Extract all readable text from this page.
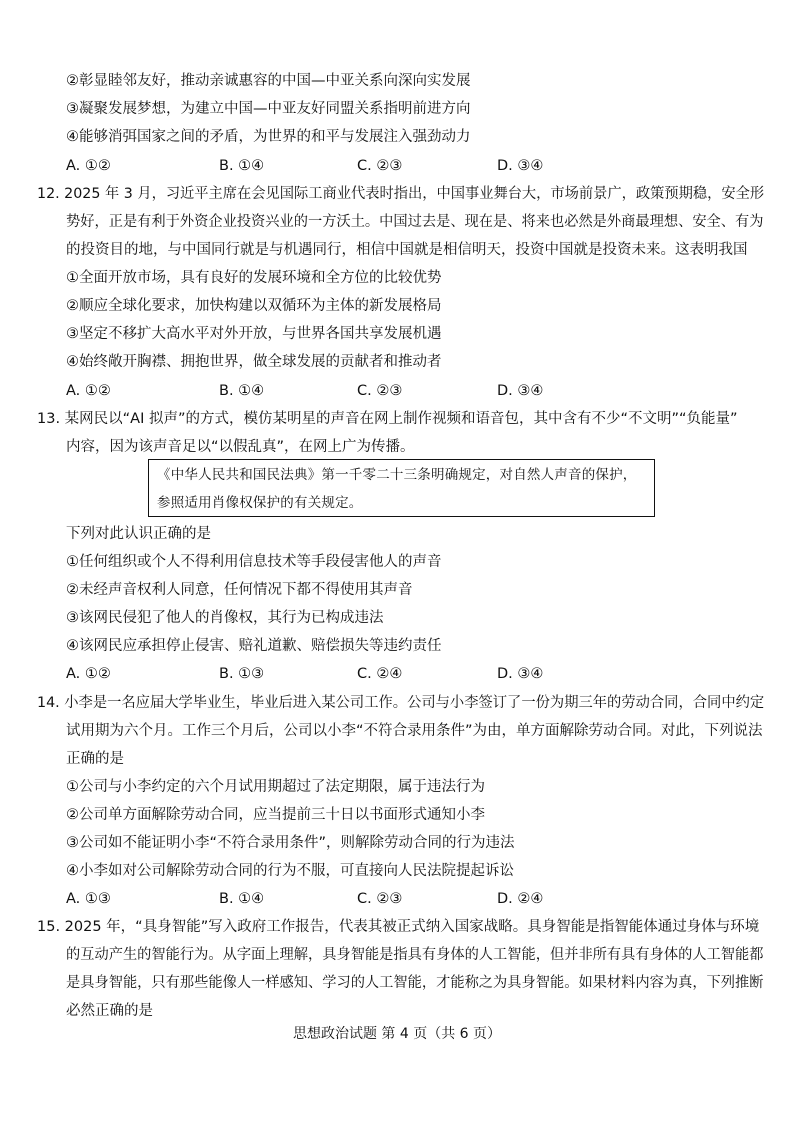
②彰显睦邻友好，推动亲诚惠容的中国—中亚关系向深向实发展
③凝聚发展梦想，为建立中国—中亚友好同盟关系指明前进方向
④能够消弭国家之间的矛盾，为世界的和平与发展注入强劲动力
A. ①②	B. ①④	C. ②③	D. ③④
12. 2025 年 3 月，习近平主席在会见国际工商业代表时指出，中国事业舞台大，市场前景广，政策预期稳，安全形
势好，正是有利于外资企业投资兴业的一方沃土。中国过去是、现在是、将来也必然是外商最理想、安全、有为
的投资目的地，与中国同行就是与机遇同行，相信中国就是相信明天，投资中国就是投资未来。这表明我国
①全面开放市场，具有良好的发展环境和全方位的比较优势
②顺应全球化要求，加快构建以双循环为主体的新发展格局
③坚定不移扩大高水平对外开放，与世界各国共享发展机遇
④始终敞开胸襟、拥抱世界，做全球发展的贡献者和推动者
A. ①②	B. ①④	C. ②③	D. ③④
13. 某网民以“AI 拟声”的方式，模仿某明星的声音在网上制作视频和语音包，其中含有不少“不文明”“负能量”
内容，因为该声音足以“以假乱真”，在网上广为传播。
《中华人民共和国民法典》第一千零二十三条明确规定，对自然人声音的保护，
参照适用肖像权保护的有关规定。
下列对此认识正确的是
①任何组织或个人不得利用信息技术等手段侵害他人的声音
②未经声音权利人同意，任何情况下都不得使用其声音
③该网民侵犯了他人的肖像权，其行为已构成违法
④该网民应承担停止侵害、赔礼道歉、赔偿损失等违约责任
A. ①②	B. ①③	C. ②④	D. ③④
14. 小李是一名应届大学毕业生，毕业后进入某公司工作。公司与小李签订了一份为期三年的劳动合同，合同中约定
试用期为六个月。工作三个月后，公司以小李“不符合录用条件”为由，单方面解除劳动合同。对此，下列说法
正确的是
①公司与小李约定的六个月试用期超过了法定期限，属于违法行为
②公司单方面解除劳动合同，应当提前三十日以书面形式通知小李
③公司如不能证明小李“不符合录用条件”，则解除劳动合同的行为违法
④小李如对公司解除劳动合同的行为不服，可直接向人民法院提起诉讼
A. ①③	B. ①④	C. ②③	D. ②④
15. 2025 年，“具身智能”写入政府工作报告，代表其被正式纳入国家战略。具身智能是指智能体通过身体与环境
的互动产生的智能行为。从字面上理解，具身智能是指具有身体的人工智能，但并非所有具有身体的人工智能都
是具身智能，只有那些能像人一样感知、学习的人工智能，才能称之为具身智能。如果材料内容为真，下列推断
必然正确的是
思想政治试题 第 4 页（共 6 页）
